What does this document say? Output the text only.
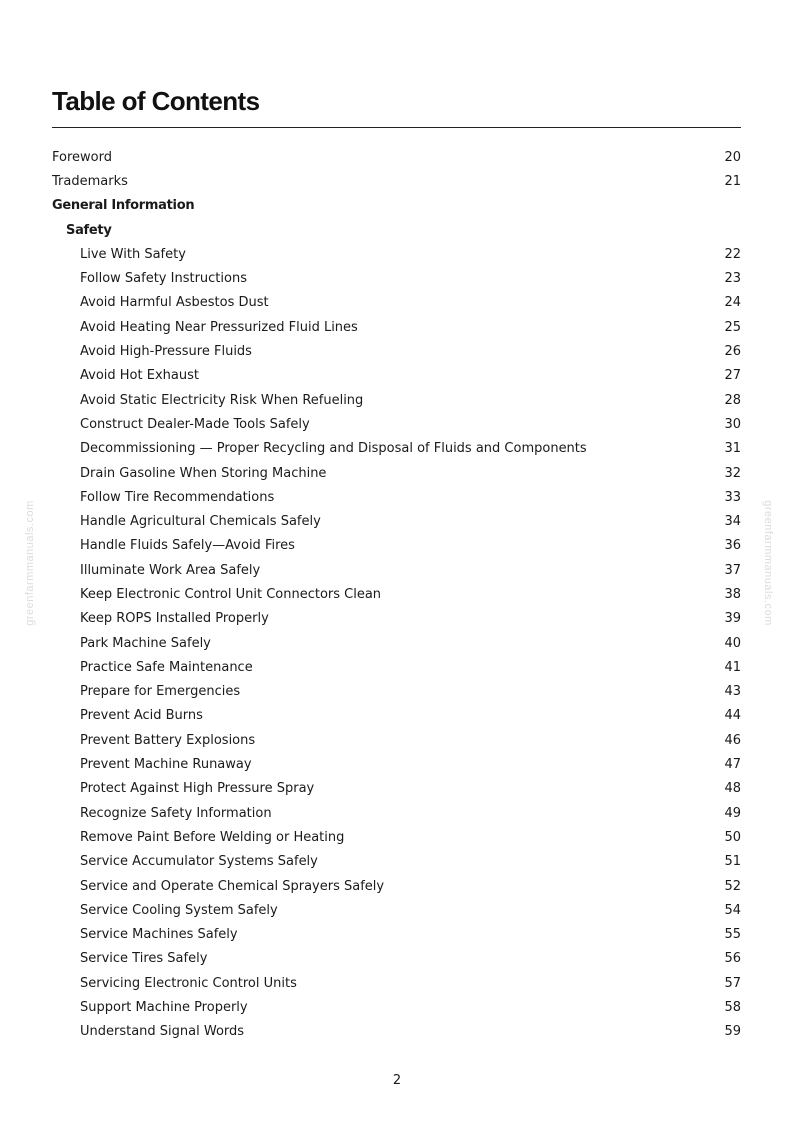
greenfarmmanuals.com	greenfarmmanuals.com
Table of Contents
Foreword	20
Trademarks	21
General Information
Safety
Live With Safety	22
Follow Safety Instructions	23
Avoid Harmful Asbestos Dust	24
Avoid Heating Near Pressurized Fluid Lines	25
Avoid High-Pressure Fluids	26
Avoid Hot Exhaust	27
Avoid Static Electricity Risk When Refueling	28
Construct Dealer-Made Tools Safely	30
Decommissioning — Proper Recycling and Disposal of Fluids and Components	31
Drain Gasoline When Storing Machine	32
Follow Tire Recommendations	33
Handle Agricultural Chemicals Safely	34
Handle Fluids Safely—Avoid Fires	36
Illuminate Work Area Safely	37
Keep Electronic Control Unit Connectors Clean	38
Keep ROPS Installed Properly	39
Park Machine Safely	40
Practice Safe Maintenance	41
Prepare for Emergencies	43
Prevent Acid Burns	44
Prevent Battery Explosions	46
Prevent Machine Runaway	47
Protect Against High Pressure Spray	48
Recognize Safety Information	49
Remove Paint Before Welding or Heating	50
Service Accumulator Systems Safely	51
Service and Operate Chemical Sprayers Safely	52
Service Cooling System Safely	54
Service Machines Safely	55
Service Tires Safely	56
Servicing Electronic Control Units	57
Support Machine Properly	58
Understand Signal Words	59
2
